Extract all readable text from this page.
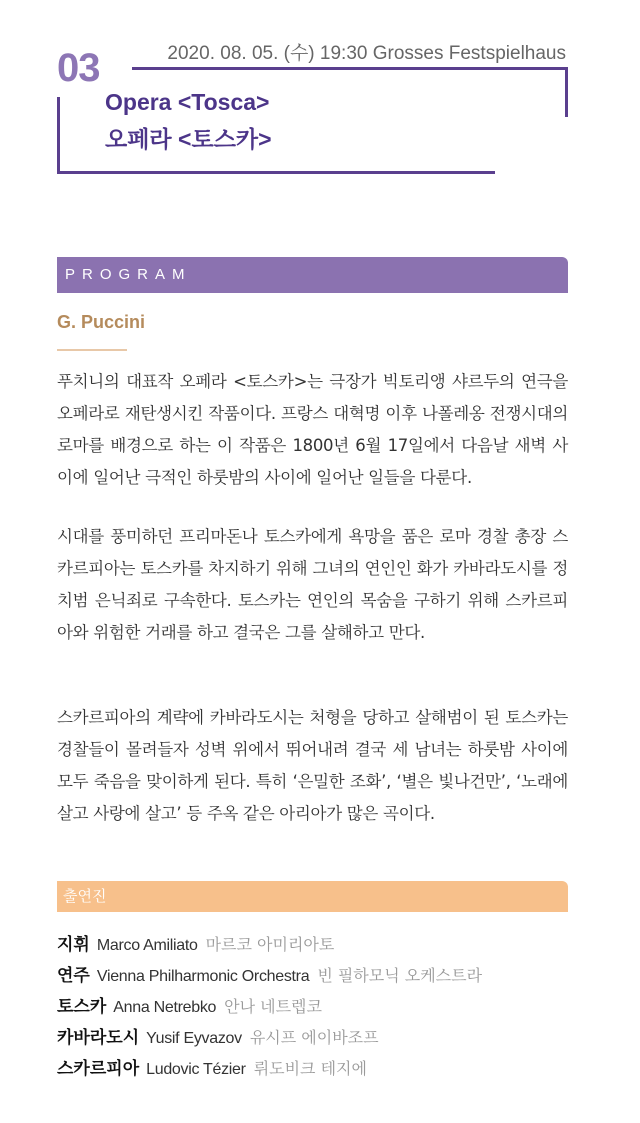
03	2020. 08. 05. (수) 19:30 Grosses Festspielhaus
Opera <Tosca>
오페라 <토스카>
PROGRAM
G. Puccini

푸치니의 대표작 오페라 <토스카>는 극장가 빅토리앵 샤르두의 연극을 오페라로 재탄생시킨 작품이다. 프랑스 대혁명 이후 나폴레옹 전쟁시대의 로마를 배경으로 하는 이 작품은 1800년 6월 17일에서 다음날 새벽 사이에 일어난 극적인 하룻밤의 사이에 일어난 일들을 다룬다.

시대를 풍미하던 프리마돈나 토스카에게 욕망을 품은 로마 경찰 총장 스카르피아는 토스카를 차지하기 위해 그녀의 연인인 화가 카바라도시를 정치범 은닉죄로 구속한다. 토스카는 연인의 목숨을 구하기 위해 스카르피아와 위험한 거래를 하고 결국은 그를 살해하고 만다.

스카르피아의 계략에 카바라도시는 처형을 당하고 살해범이 된 토스카는 경찰들이 몰려들자 성벽 위에서 뛰어내려 결국 세 남녀는 하룻밤 사이에 모두 죽음을 맞이하게 된다. 특히 ‘은밀한 조화’, ‘별은 빛나건만’, ‘노래에 살고 사랑에 살고’ 등 주옥 같은 아리아가 많은 곡이다.

출연진
지휘 Marco Amiliato 마르코 아미리아토
연주 Vienna Philharmonic Orchestra 빈 필하모닉 오케스트라
토스카 Anna Netrebko 안나 네트렙코
카바라도시 Yusif Eyvazov 유시프 에이바조프
스카르피아 Ludovic Tézier 뤼도비크 테지에
